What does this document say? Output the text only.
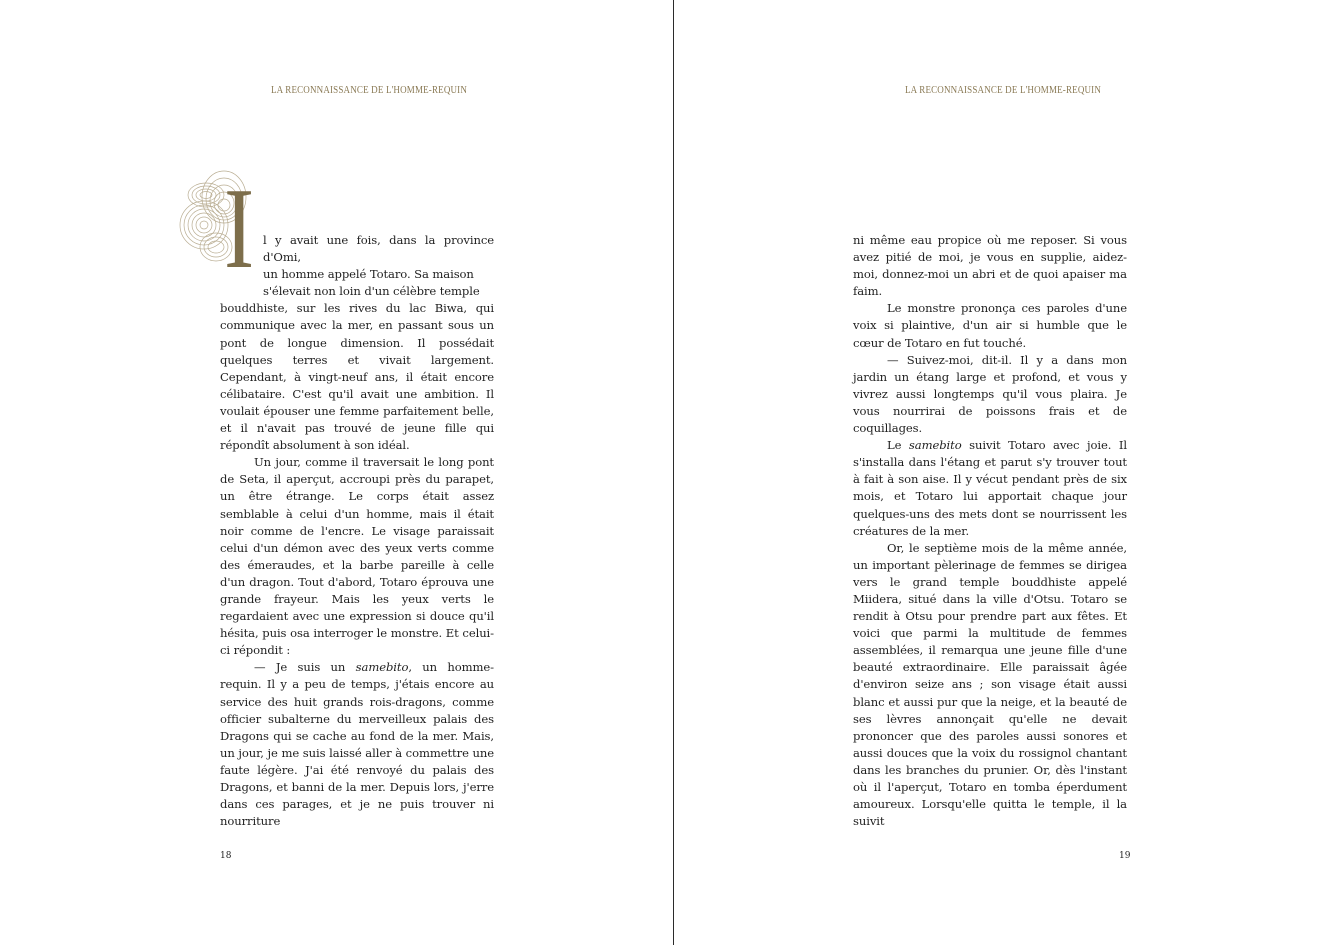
LA RECONNAISSANCE DE L'HOMME-REQUIN
I l y avait une fois, dans la province d'Omi,
un homme appelé Totaro. Sa maison
s'élevait non loin d'un célèbre temple
bouddhiste, sur les rives du lac Biwa, qui communique avec la mer, en passant sous un pont de longue dimension. Il possédait quelques terres et vivait largement. Cependant, à vingt-neuf ans, il était encore célibataire. C'est qu'il avait une ambition. Il voulait épouser une femme parfaitement belle, et il n'avait pas trouvé de jeune fille qui répondît absolument à son idéal.

Un jour, comme il traversait le long pont de Seta, il aperçut, accroupi près du parapet, un être étrange. Le corps était assez semblable à celui d'un homme, mais il était noir comme de l'encre. Le visage paraissait celui d'un démon avec des yeux verts comme des émeraudes, et la barbe pareille à celle d'un dragon. Tout d'abord, Totaro éprouva une grande frayeur. Mais les yeux verts le regardaient avec une expression si douce qu'il hésita, puis osa interroger le monstre. Et celui-ci répondit :

— Je suis un samebito, un homme-requin. Il y a peu de temps, j'étais encore au service des huit grands rois-dragons, comme officier subalterne du merveilleux palais des Dragons qui se cache au fond de la mer. Mais, un jour, je me suis laissé aller à commettre une faute légère. J'ai été renvoyé du palais des Dragons, et banni de la mer. Depuis lors, j'erre dans ces parages, et je ne puis trouver ni nourriture

18
LA RECONNAISSANCE DE L'HOMME-REQUIN

ni même eau propice où me reposer. Si vous avez pitié de moi, je vous en supplie, aidez-moi, donnez-moi un abri et de quoi apaiser ma faim.

Le monstre prononça ces paroles d'une voix si plaintive, d'un air si humble que le cœur de Totaro en fut touché.

— Suivez-moi, dit-il. Il y a dans mon jardin un étang large et profond, et vous y vivrez aussi longtemps qu'il vous plaira. Je vous nourrirai de poissons frais et de coquillages.

Le samebito suivit Totaro avec joie. Il s'installa dans l'étang et parut s'y trouver tout à fait à son aise. Il y vécut pendant près de six mois, et Totaro lui apportait chaque jour quelques-uns des mets dont se nourrissent les créatures de la mer.

Or, le septième mois de la même année, un important pèlerinage de femmes se dirigea vers le grand temple bouddhiste appelé Miidera, situé dans la ville d'Otsu. Totaro se rendit à Otsu pour prendre part aux fêtes. Et voici que parmi la multitude de femmes assemblées, il remarqua une jeune fille d'une beauté extraordinaire. Elle paraissait âgée d'environ seize ans ; son visage était aussi blanc et aussi pur que la neige, et la beauté de ses lèvres annonçait qu'elle ne devait prononcer que des paroles aussi sonores et aussi douces que la voix du rossignol chantant dans les branches du prunier. Or, dès l'instant où il l'aperçut, Totaro en tomba éperdument amoureux. Lorsqu'elle quitta le temple, il la suivit

19
